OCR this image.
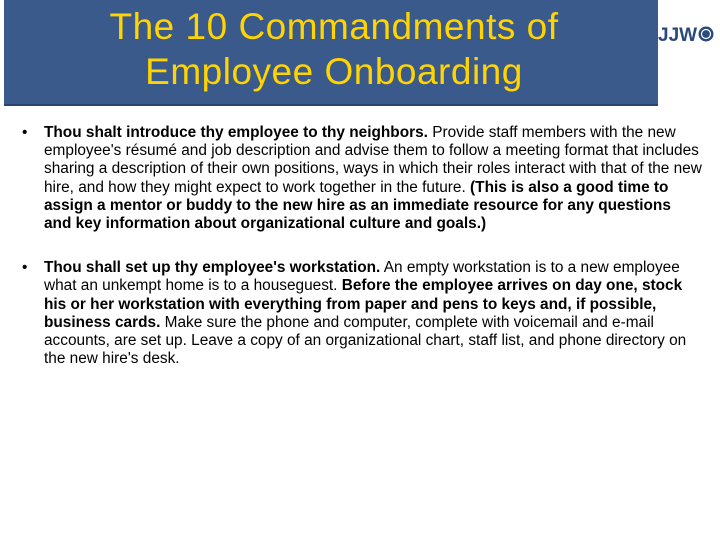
The 10 Commandments of
Employee Onboarding
JJW
•	Thou shalt introduce thy employee to thy neighbors. Provide staff members with the new employee's résumé and job description and advise them to follow a meeting format that includes sharing a description of their own positions, ways in which their roles interact with that of the new hire, and how they might expect to work together in the future. (This is also a good time to assign a mentor or buddy to the new hire as an immediate resource for any questions and key information about organizational culture and goals.)
•	Thou shall set up thy employee's workstation. An empty workstation is to a new employee what an unkempt home is to a houseguest. Before the employee arrives on day one, stock his or her workstation with everything from paper and pens to keys and, if possible, business cards. Make sure the phone and computer, complete with voicemail and e-mail accounts, are set up. Leave a copy of an organizational chart, staff list, and phone directory on the new hire's desk.
